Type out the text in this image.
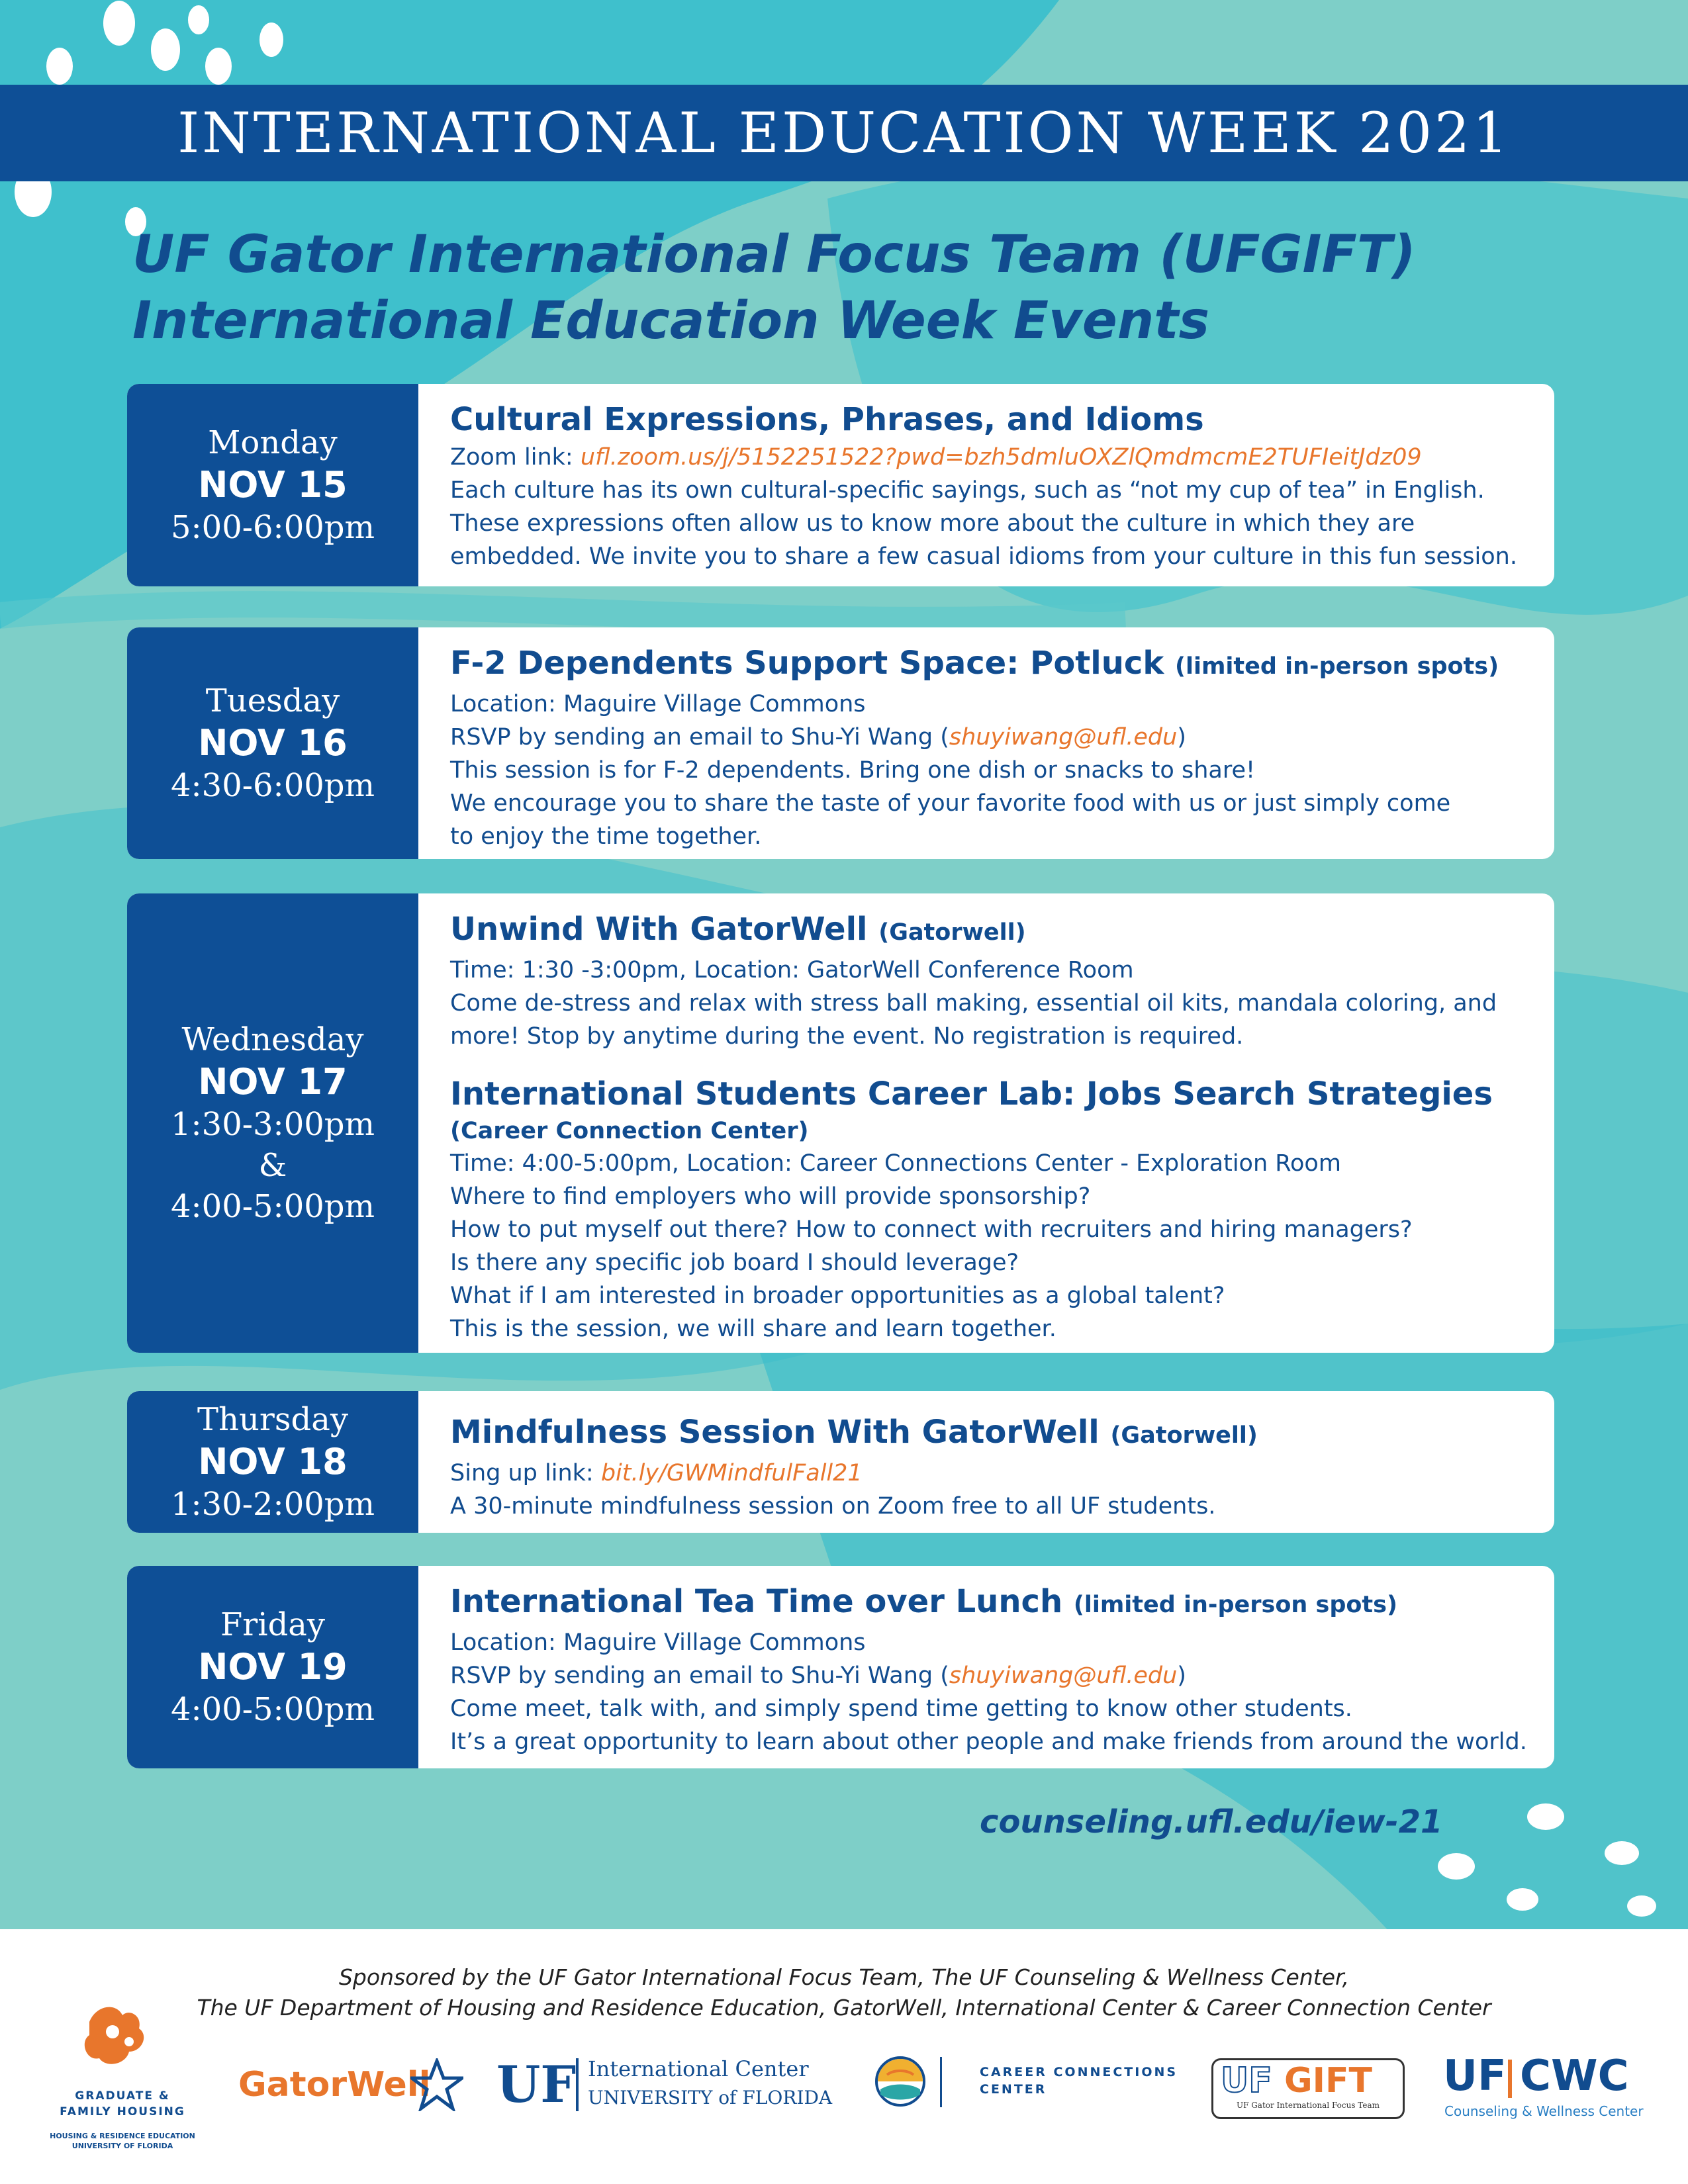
INTERNATIONAL EDUCATION WEEK 2021
UF Gator International Focus Team (UFGIFT)
International Education Week Events
Monday
NOV 15
5:00-6:00pm
Cultural Expressions, Phrases, and Idioms
Zoom link: ufl.zoom.us/j/5152251522?pwd=bzh5dmluOXZlQmdmcmE2TUFIeitJdz09
Each culture has its own cultural-specific sayings, such as “not my cup of tea” in English.
These expressions often allow us to know more about the culture in which they are
embedded. We invite you to share a few casual idioms from your culture in this fun session.
Tuesday
NOV 16
4:30-6:00pm
F-2 Dependents Support Space: Potluck (limited in-person spots)
Location: Maguire Village Commons
RSVP by sending an email to Shu-Yi Wang (shuyiwang@ufl.edu)
This session is for F-2 dependents. Bring one dish or snacks to share!
We encourage you to share the taste of your favorite food with us or just simply come
to enjoy the time together.
Wednesday
NOV 17
1:30-3:00pm
&
4:00-5:00pm
Unwind With GatorWell (Gatorwell)
Time: 1:30 -3:00pm, Location: GatorWell Conference Room
Come de-stress and relax with stress ball making, essential oil kits, mandala coloring, and
more! Stop by anytime during the event. No registration is required.
International Students Career Lab: Jobs Search Strategies
(Career Connection Center)
Time: 4:00-5:00pm, Location: Career Connections Center - Exploration Room
Where to find employers who will provide sponsorship?
How to put myself out there? How to connect with recruiters and hiring managers?
Is there any specific job board I should leverage?
What if I am interested in broader opportunities as a global talent?
This is the session, we will share and learn together.
Thursday
NOV 18
1:30-2:00pm
Mindfulness Session With GatorWell (Gatorwell)
Sing up link: bit.ly/GWMindfulFall21
A 30-minute mindfulness session on Zoom free to all UF students.
Friday
NOV 19
4:00-5:00pm
International Tea Time over Lunch (limited in-person spots)
Location: Maguire Village Commons
RSVP by sending an email to Shu-Yi Wang (shuyiwang@ufl.edu)
Come meet, talk with, and simply spend time getting to know other students.
It’s a great opportunity to learn about other people and make friends from around the world.
counseling.ufl.edu/iew-21
Sponsored by the UF Gator International Focus Team, The UF Counseling & Wellness Center,
The UF Department of Housing and Residence Education, GatorWell, International Center & Career Connection Center
GRADUATE &
FAMILY HOUSING
HOUSING & RESIDENCE EDUCATION
UNIVERSITY OF FLORIDA
GatorWell UF International Center
UNIVERSITY of FLORIDA
CAREER CONNECTIONS
CENTER	UF GIFT
UF Gator International Focus Team
UF CWC
Counseling & Wellness Center
